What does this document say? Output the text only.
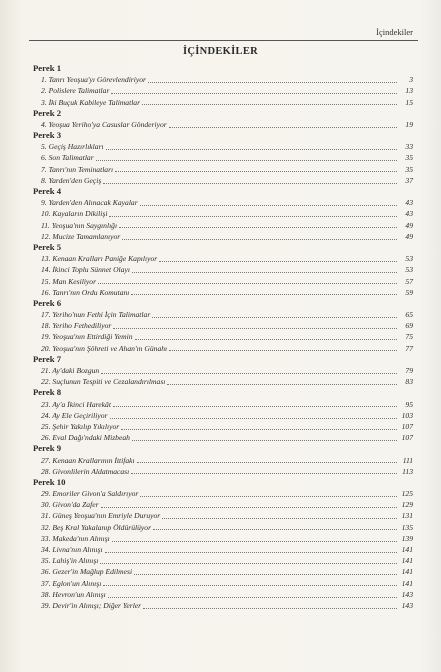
İçindekiler
İÇİNDEKİLER
Perek 1
1. Tanrı Yeoşua'yı Görevlendiriyor	3
2. Polislere Talimatlar	13
3. İki Buçuk Kabileye Talimatlar	15
Perek 2
4. Yeoşua Yeriho'ya Casuslar Gönderiyor	19
Perek 3
5. Geçiş Hazırlıkları	33
6. Son Talimatlar	35
7. Tanrı'nın Teminatları	35
8. Yarden'den Geçiş	37
Perek 4
9. Yarden'den Alınacak Kayalar	43
10. Kayaların Dikilişi	43
11. Yeoşua'nın Saygınlığı	49
12. Mucize Tamamlanıyor	49
Perek 5
13. Kenaan Kralları Paniğe Kapılıyor	53
14. İkinci Toplu Sünnet Olayı	53
15. Man Kesiliyor	57
16. Tanrı'nın Ordu Komutanı	59
Perek 6
17. Yeriho'nun Fethi İçin Talimatlar	65
18. Yeriho Fethediliyor	69
19. Yeoşua'nın Ettirdiği Yemin	75
20. Yeoşua'nın Şöhreti ve Ahan'ın Günahı	77
Perek 7
21. Ay'daki Bozgun	79
22. Suçlunun Tespiti ve Cezalandırılması	83
Perek 8
23. Ay'a İkinci Harekât	95
24. Ay Ele Geçiriliyor	103
25. Şehir Yakılıp Yıkılıyor	107
26. Eval Dağı'ndaki Mizbeah	107
Perek 9
27. Kenaan Krallarının İttifakı	111
28. Givonlilerin Aldatmacası	113
Perek 10
29. Emoriler Givon'a Saldırıyor	125
30. Givon'da Zafer	129
31. Güneş Yeoşua'nın Emriyle Duruyor	131
32. Beş Kral Yakalanıp Öldürülüyor	135
33. Makeda'nın Alınışı	139
34. Livna'nın Alınışı	141
35. Lahiş'in Alınışı	141
36. Gezer'in Mağlup Edilmesi	141
37. Eglon'un Alınışı	141
38. Hevron'un Alınışı	143
39. Devir'in Alınışı; Diğer Yerler	143
